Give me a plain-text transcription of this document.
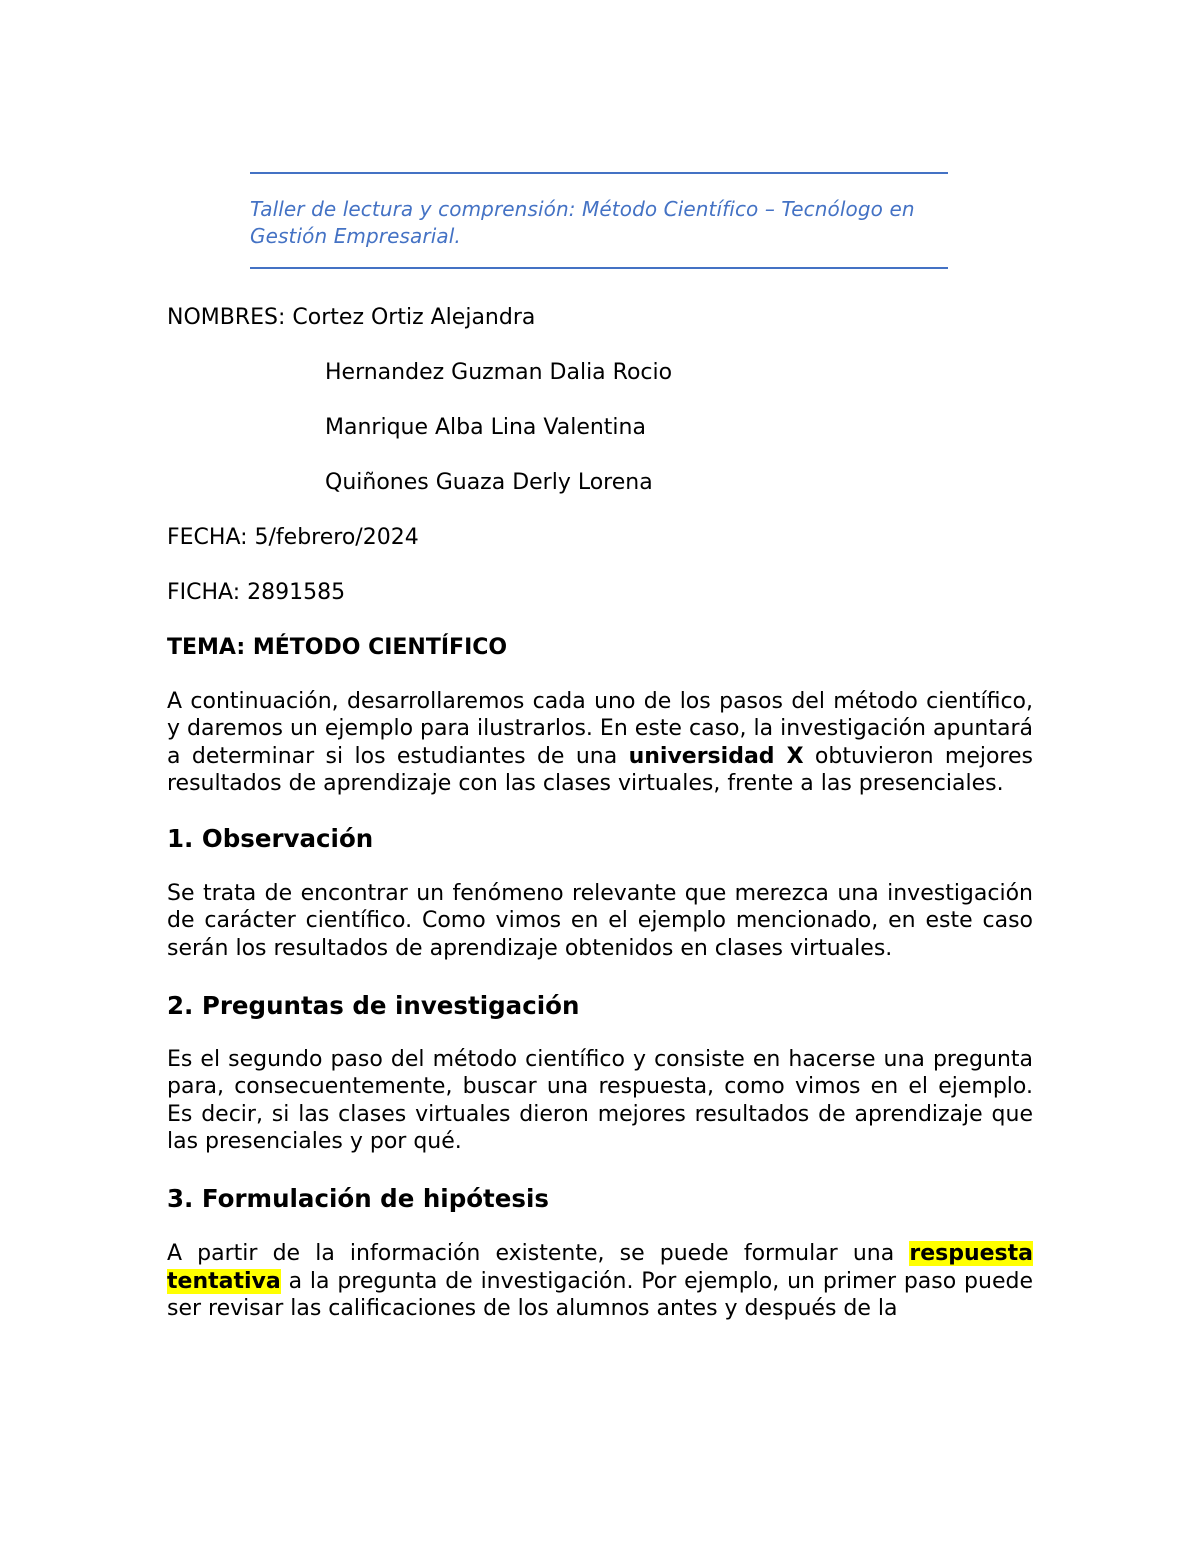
Taller de lectura y comprensión: Método Científico – Tecnólogo en Gestión Empresarial.

NOMBRES: Cortez Ortiz Alejandra

Hernandez Guzman Dalia Rocio

Manrique Alba Lina Valentina

Quiñones Guaza Derly Lorena

FECHA: 5/febrero/2024

FICHA: 2891585

TEMA: MÉTODO CIENTÍFICO

A continuación, desarrollaremos cada uno de los pasos del método científico, y daremos un ejemplo para ilustrarlos. En este caso, la investigación apuntará a determinar si los estudiantes de una universidad X obtuvieron mejores resultados de aprendizaje con las clases virtuales, frente a las presenciales.

1. Observación

Se trata de encontrar un fenómeno relevante que merezca una investigación de carácter científico. Como vimos en el ejemplo mencionado, en este caso serán los resultados de aprendizaje obtenidos en clases virtuales.

2. Preguntas de investigación

Es el segundo paso del método científico y consiste en hacerse una pregunta para, consecuentemente, buscar una respuesta, como vimos en el ejemplo. Es decir, si las clases virtuales dieron mejores resultados de aprendizaje que las presenciales y por qué.

3. Formulación de hipótesis

A partir de la información existente, se puede formular una respuesta tentativa a la pregunta de investigación. Por ejemplo, un primer paso puede ser revisar las calificaciones de los alumnos antes y después de la
